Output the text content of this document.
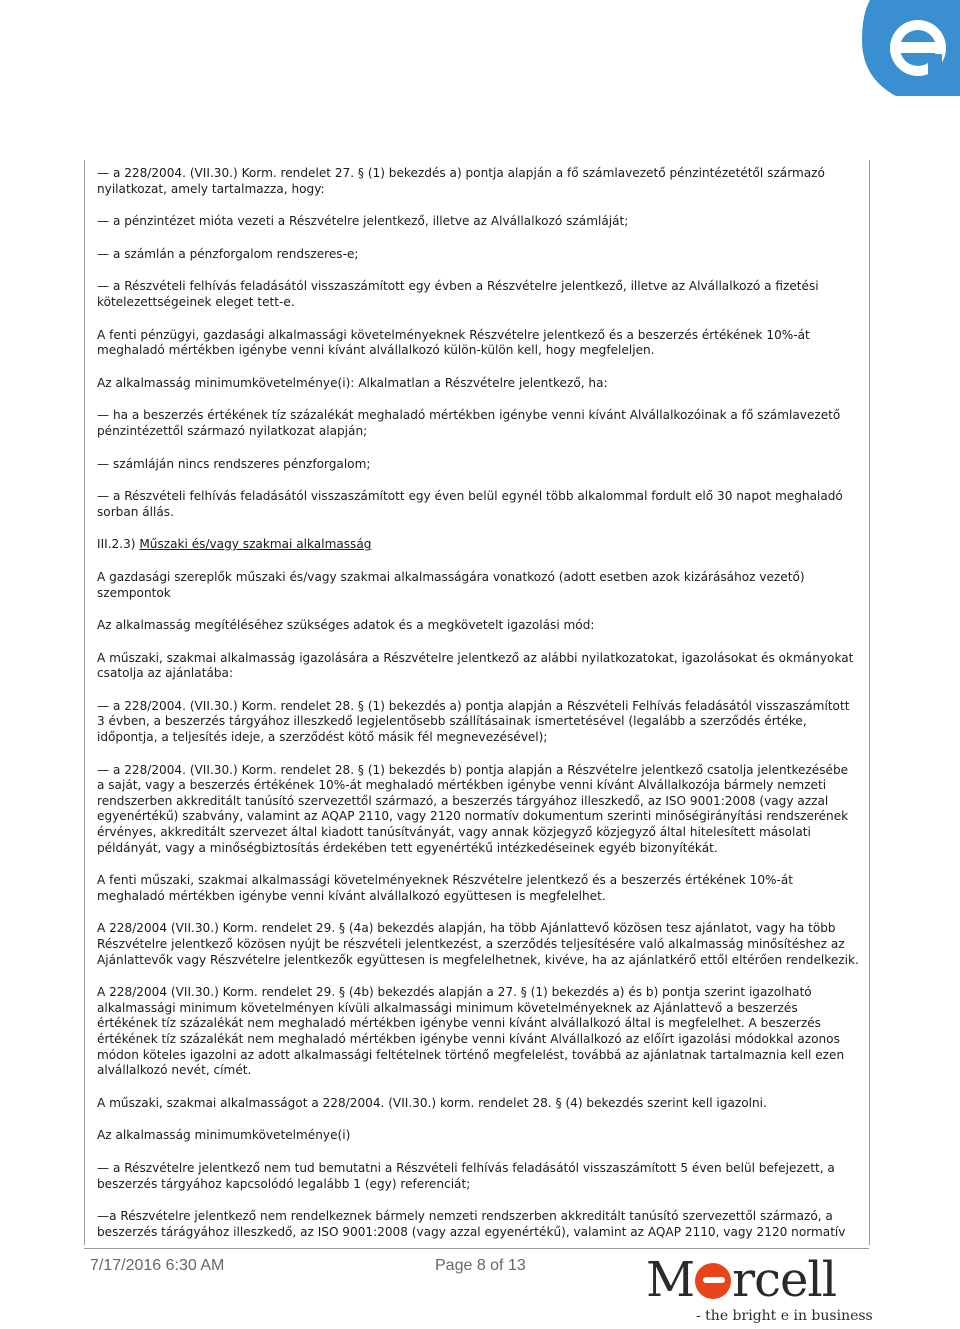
— a 228/2004. (VII.30.) Korm. rendelet 27. § (1) bekezdés a) pontja alapján a fő számlavezető pénzintézetétől származó nyilatkozat, amely tartalmazza, hogy:

— a pénzintézet mióta vezeti a Részvételre jelentkező, illetve az Alvállalkozó számláját;

— a számlán a pénzforgalom rendszeres-e;

— a Részvételi felhívás feladásától visszaszámított egy évben a Részvételre jelentkező, illetve az Alvállalkozó a fizetési kötelezettségeinek eleget tett-e.

A fenti pénzügyi, gazdasági alkalmassági követelményeknek Részvételre jelentkező és a beszerzés értékének 10%-át meghaladó mértékben igénybe venni kívánt alvállalkozó külön-külön kell, hogy megfeleljen.

Az alkalmasság minimumkövetelménye(i): Alkalmatlan a Részvételre jelentkező, ha:

— ha a beszerzés értékének tíz százalékát meghaladó mértékben igénybe venni kívánt Alvállalkozóinak a fő számlavezető pénzintézettől származó nyilatkozat alapján;

— számláján nincs rendszeres pénzforgalom;

— a Részvételi felhívás feladásától visszaszámított egy éven belül egynél több alkalommal fordult elő 30 napot meghaladó sorban állás.

III.2.3) Műszaki és/vagy szakmai alkalmasság

A gazdasági szereplők műszaki és/vagy szakmai alkalmasságára vonatkozó (adott esetben azok kizárásához vezető) szempontok

Az alkalmasság megítéléséhez szükséges adatok és a megkövetelt igazolási mód:

A műszaki, szakmai alkalmasság igazolására a Részvételre jelentkező az alábbi nyilatkozatokat, igazolásokat és okmányokat csatolja az ajánlatába:

— a 228/2004. (VII.30.) Korm. rendelet 28. § (1) bekezdés a) pontja alapján a Részvételi Felhívás feladásától visszaszámított 3 évben, a beszerzés tárgyához illeszkedő legjelentősebb szállításainak ismertetésével (legalább a szerződés értéke, időpontja, a teljesítés ideje, a szerződést kötő másik fél megnevezésével);

— a 228/2004. (VII.30.) Korm. rendelet 28. § (1) bekezdés b) pontja alapján a Részvételre jelentkező csatolja jelentkezésébe a saját, vagy a beszerzés értékének 10%-át meghaladó mértékben igénybe venni kívánt Alvállalkozója bármely nemzeti rendszerben akkreditált tanúsító szervezettől származó, a beszerzés tárgyához illeszkedő, az ISO 9001:2008 (vagy azzal egyenértékű) szabvány, valamint az AQAP 2110, vagy 2120 normatív dokumentum szerinti minőségirányítási rendszerének érvényes, akkreditált szervezet által kiadott tanúsítványát, vagy annak közjegyző közjegyző által hitelesített másolati példányát, vagy a minőségbiztosítás érdekében tett egyenértékű intézkedéseinek egyéb bizonyítékát.

A fenti műszaki, szakmai alkalmassági követelményeknek Részvételre jelentkező és a beszerzés értékének 10%-át meghaladó mértékben igénybe venni kívánt alvállalkozó együttesen is megfelelhet.

A 228/2004 (VII.30.) Korm. rendelet 29. § (4a) bekezdés alapján, ha több Ajánlattevő közösen tesz ajánlatot, vagy ha több Részvételre jelentkező közösen nyújt be részvételi jelentkezést, a szerződés teljesítésére való alkalmasság minősítéshez az Ajánlattevők vagy Részvételre jelentkezők együttesen is megfelelhetnek, kivéve, ha az ajánlatkérő ettől eltérően rendelkezik.

A 228/2004 (VII.30.) Korm. rendelet 29. § (4b) bekezdés alapján a 27. § (1) bekezdés a) és b) pontja szerint igazolható alkalmassági minimum követelményen kívüli alkalmassági minimum követelményeknek az Ajánlattevő a beszerzés értékének tíz százalékát nem meghaladó mértékben igénybe venni kívánt alvállalkozó által is megfelelhet. A beszerzés értékének tíz százalékát nem meghaladó mértékben igénybe venni kívánt Alvállalkozó az előírt igazolási módokkal azonos módon köteles igazolni az adott alkalmassági feltételnek történő megfelelést, továbbá az ajánlatnak tartalmaznia kell ezen alvállalkozó nevét, címét.

A műszaki, szakmai alkalmasságot a 228/2004. (VII.30.) korm. rendelet 28. § (4) bekezdés szerint kell igazolni.

Az alkalmasság minimumkövetelménye(i)

— a Részvételre jelentkező nem tud bemutatni a Részvételi felhívás feladásától visszaszámított 5 éven belül befejezett, a beszerzés tárgyához kapcsolódó legalább 1 (egy) referenciát;

—a Részvételre jelentkező nem rendelkeznek bármely nemzeti rendszerben akkreditált tanúsító szervezettől származó, a beszerzés tárágyához illeszkedő, az ISO 9001:2008 (vagy azzal egyenértékű), valamint az AQAP 2110, vagy 2120 normatív

7/17/2016 6:30 AM	Page 8 of 13	M rcell
- the bright e in business
